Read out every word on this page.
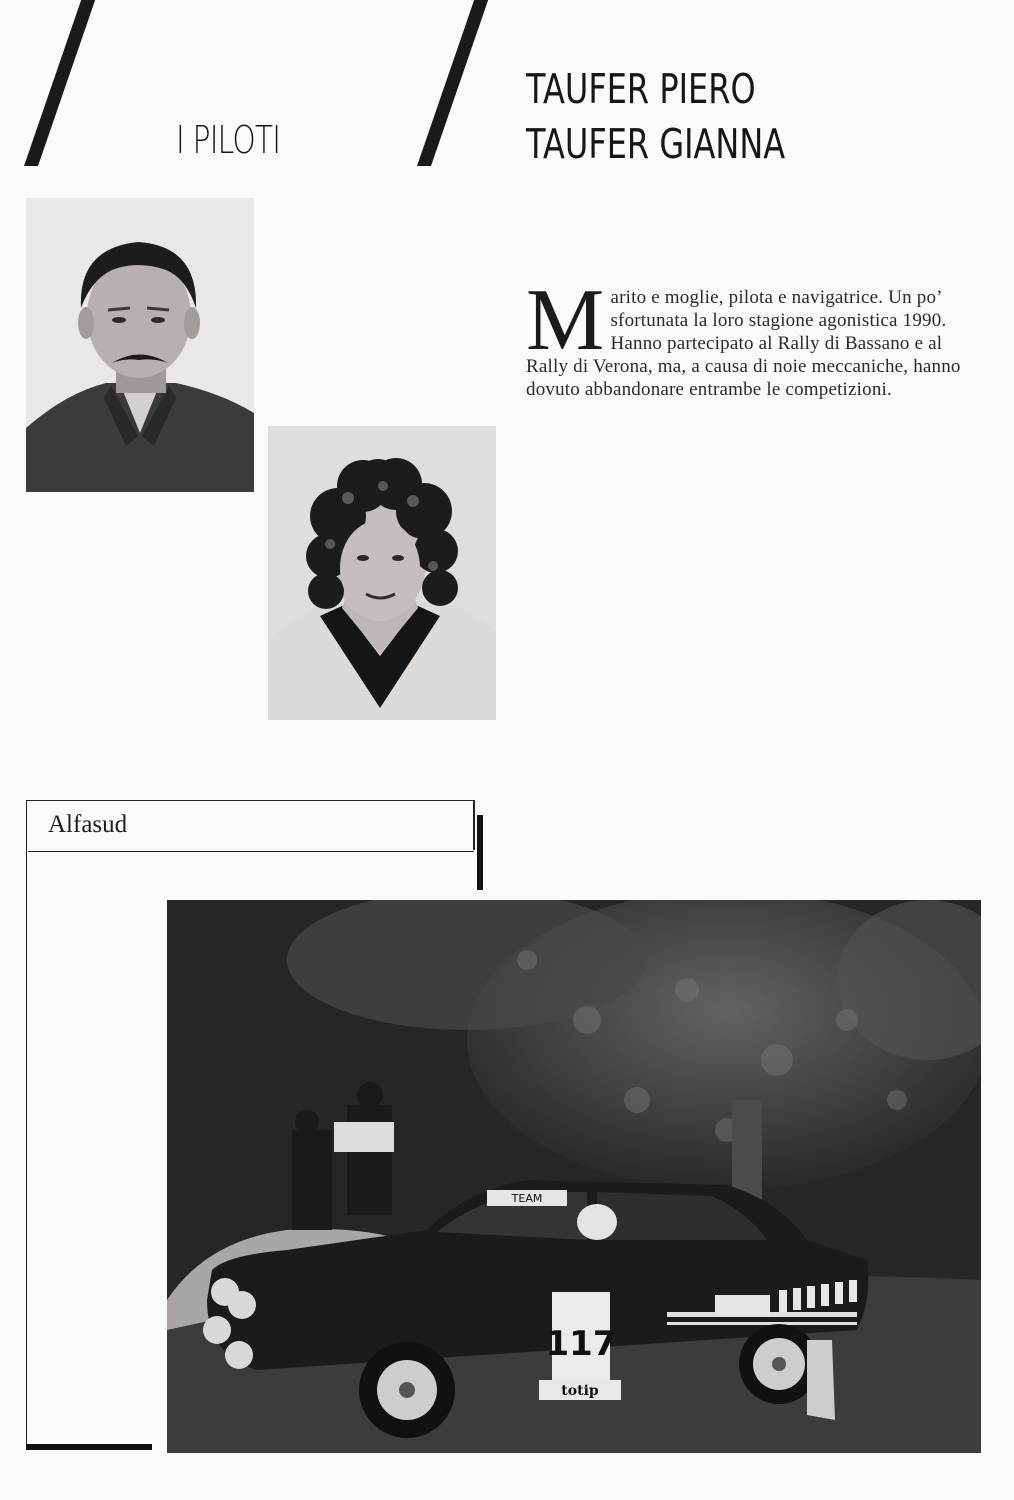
I PILOTI
TAUFER PIERO
TAUFER GIANNA

Marito e moglie, pilota e navigatrice. Un po’ sfortunata la loro stagione agonistica 1990. Hanno partecipato al Rally di Bassano e al Rally di Verona, ma, a causa di noie meccaniche, hanno dovuto abbandonare entrambe le competizioni.

Alfasud
TEAM
117
totip
